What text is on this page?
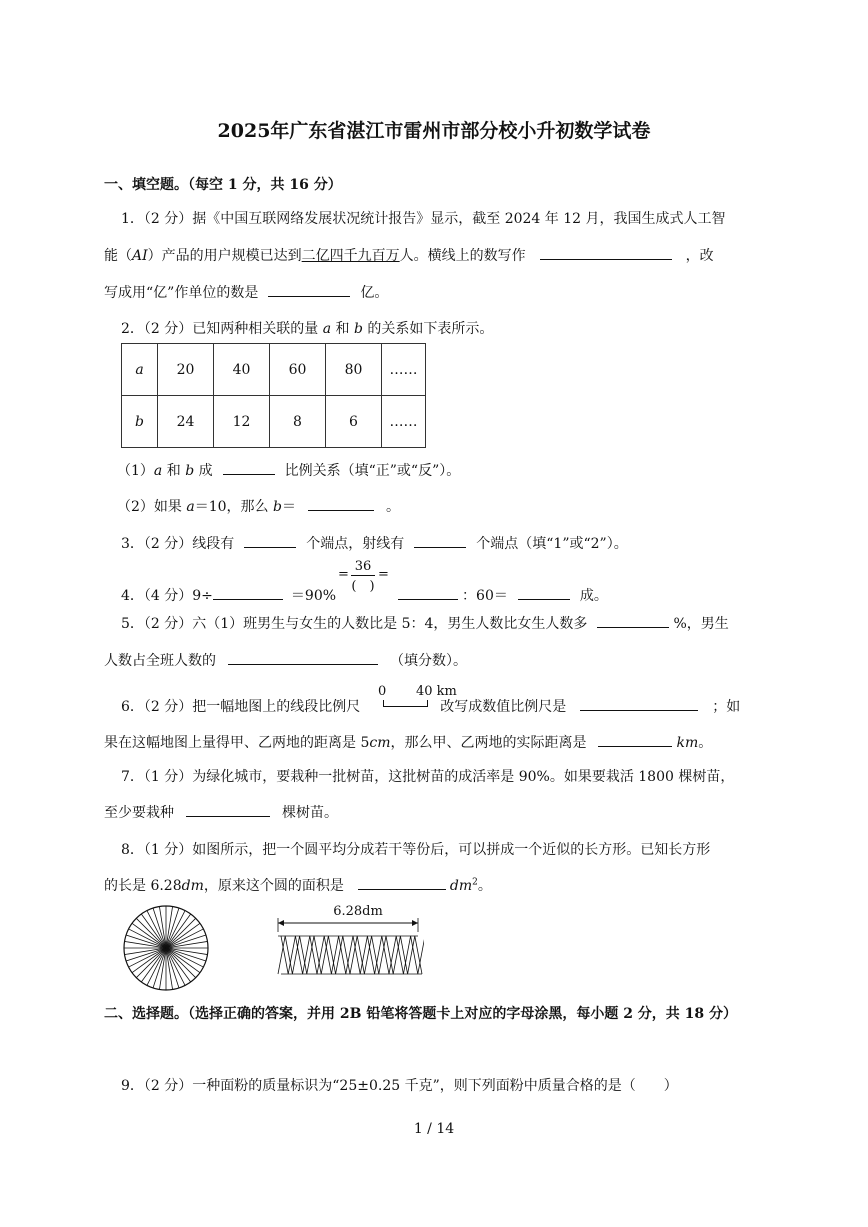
2025年广东省湛江市雷州市部分校小升初数学试卷
一、填空题。（每空 1 分，共 16 分）
1．（2 分）据《中国互联网络发展状况统计报告》显示，截至 2024 年 12 月，我国生成式人工智
能（AI）产品的用户规模已达到二亿四千九百万人。横线上的数写作	，改
写成用“亿”作单位的数是	亿。
2．（2 分）已知两种相关联的量 a 和 b 的关系如下表所示。
a	20	40	60	80	……
b	24	12	8	6	……
（1）a 和 b 成	比例关系（填“正”或“反”）。
（2）如果 a＝10，那么 b＝	。
3．（2 分）线段有	个端点，射线有	个端点（填“1”或“2”）。
36
(　)
= =
4．（4 分）9÷	＝90%	：60＝	成。
5．（2 分）六（1）班男生与女生的人数比是 5：4，男生人数比女生人数多	%，男生
人数占全班人数的	（填分数）。
0 40 km
6．（2 分）把一幅地图上的线段比例尺	改写成数值比例尺是	；如
果在这幅地图上量得甲、乙两地的距离是 5cm，那么甲、乙两地的实际距离是	km。
7．（1 分）为绿化城市，要栽种一批树苗，这批树苗的成活率是 90%。如果要栽活 1800 棵树苗，
至少要栽种	棵树苗。
8．（1 分）如图所示，把一个圆平均分成若干等份后，可以拼成一个近似的长方形。已知长方形
的长是 6.28dm，原来这个圆的面积是	$dm^2$。
6.28dm
二、选择题。（选择正确的答案，并用 2B 铅笔将答题卡上对应的字母涂黑，每小题 2 分，共 18 分）
9．（2 分）一种面粉的质量标识为“25±0.25 千克”，则下列面粉中质量合格的是（　　）
1 / 14
